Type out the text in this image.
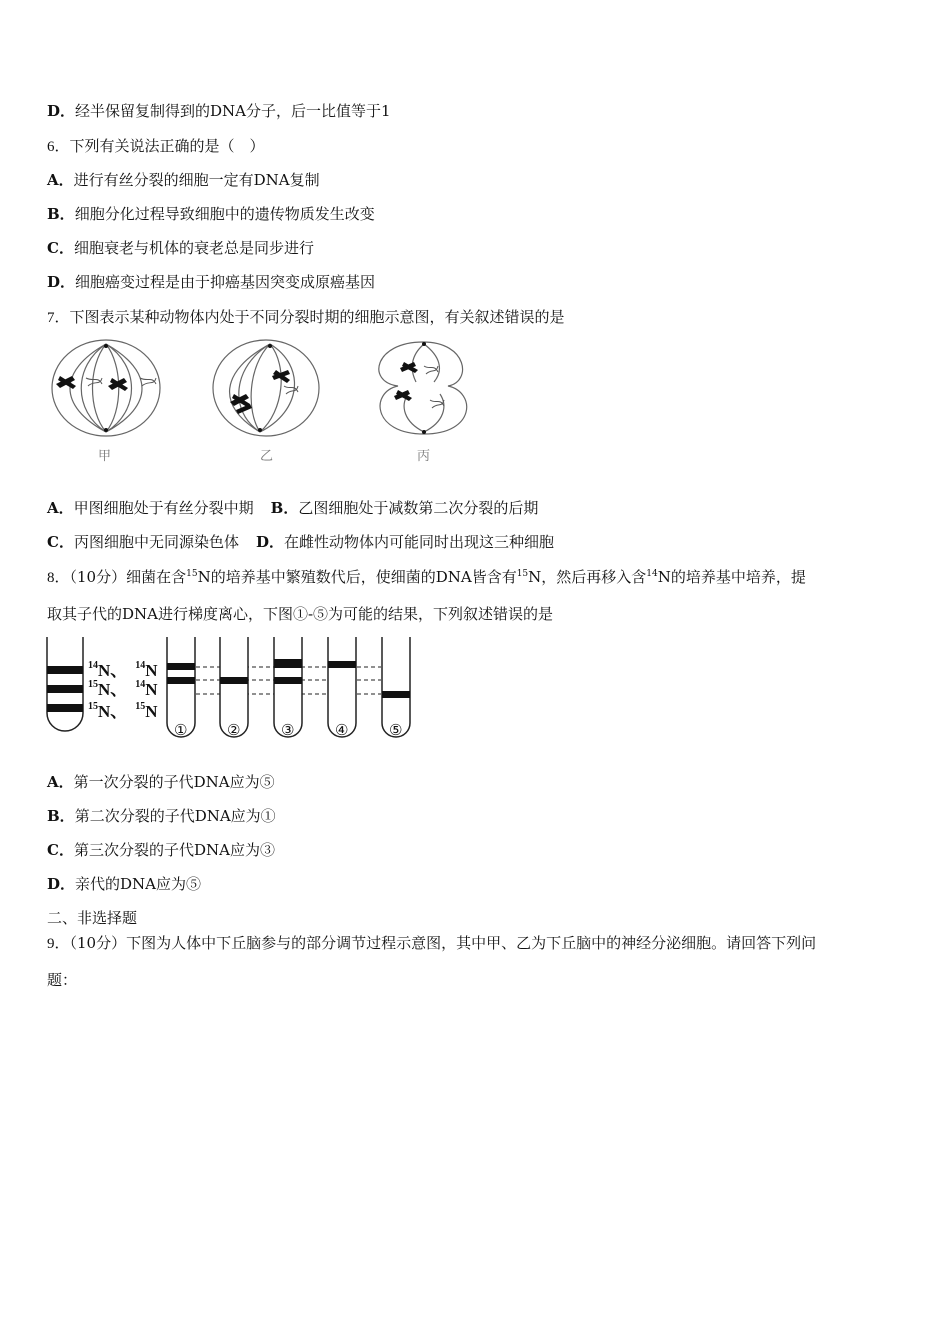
D．经半保留复制得到的DNA分子，后一比值等于1
6．下列有关说法正确的是（　）
A．进行有丝分裂的细胞一定有DNA复制
B．细胞分化过程导致细胞中的遗传物质发生改变
C．细胞衰老与机体的衰老总是同步进行
D．细胞癌变过程是由于抑癌基因突变成原癌基因
7．下图表示某种动物体内处于不同分裂时期的细胞示意图，有关叙述错误的是
甲	乙	丙
A．甲图细胞处于有丝分裂中期 B．乙图细胞处于减数第二次分裂的后期
C．丙图细胞中无同源染色体 D．在雌性动物体内可能同时出现这三种细胞
8．（10分）细菌在含$^{15}$N的培养基中繁殖数代后，使细菌的DNA皆含有$^{15}$N，然后再移入含$^{14}$N的培养基中培养，提
取其子代的DNA进行梯度离心，下图①-⑤为可能的结果，下列叙述错误的是
14N、 $^{14}$N
15N、 $^{14}$N
15N、 $^{15}$N
①	②	③	④	⑤
A．第一次分裂的子代DNA应为⑤
B．第二次分裂的子代DNA应为①
C．第三次分裂的子代DNA应为③
D．亲代的DNA应为⑤
二、非选择题
9．（10分）下图为人体中下丘脑参与的部分调节过程示意图，其中甲、乙为下丘脑中的神经分泌细胞。请回答下列问
题：
